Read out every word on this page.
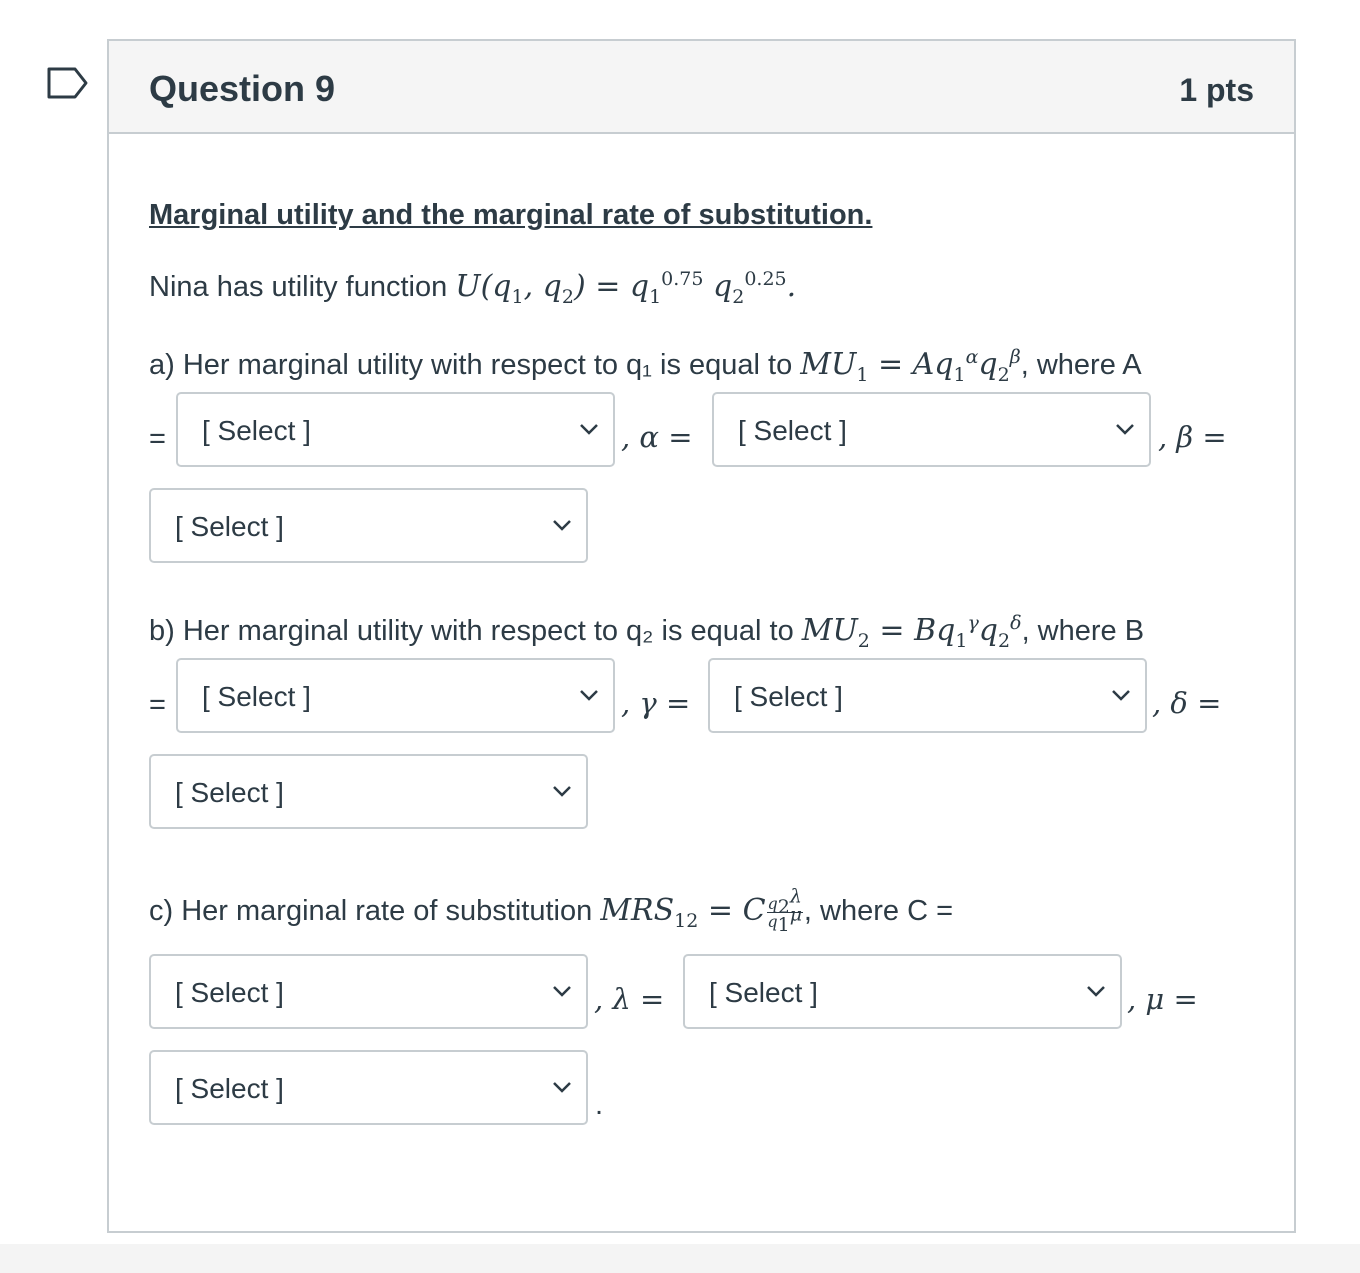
Question 9	1 pts
Marginal utility and the marginal rate of substitution.
Nina has utility function $U(q_1$, $q_2) = q_1^{0.75}$ $q_2^{0.25}$.
a) Her marginal utility with respect to q₁ is equal to $MU_1 = Aq_1^\alpha q_2^\beta$, where A
= [ Select ]	, α = [ Select ]	, β =
[ Select ]
b) Her marginal utility with respect to q₂ is equal to $MU_2 = Bq_1^\gamma q_2^\delta$, where B
= [ Select ]	, γ = [ Select ]	, δ =
[ Select ]
c) Her marginal rate of substitution $MRS_{12} = C \frac{q_2^\lambda}{q_1^\mu}$ , where C =
[ Select ]	, λ = [ Select ]	, μ =
[ Select ]
.
